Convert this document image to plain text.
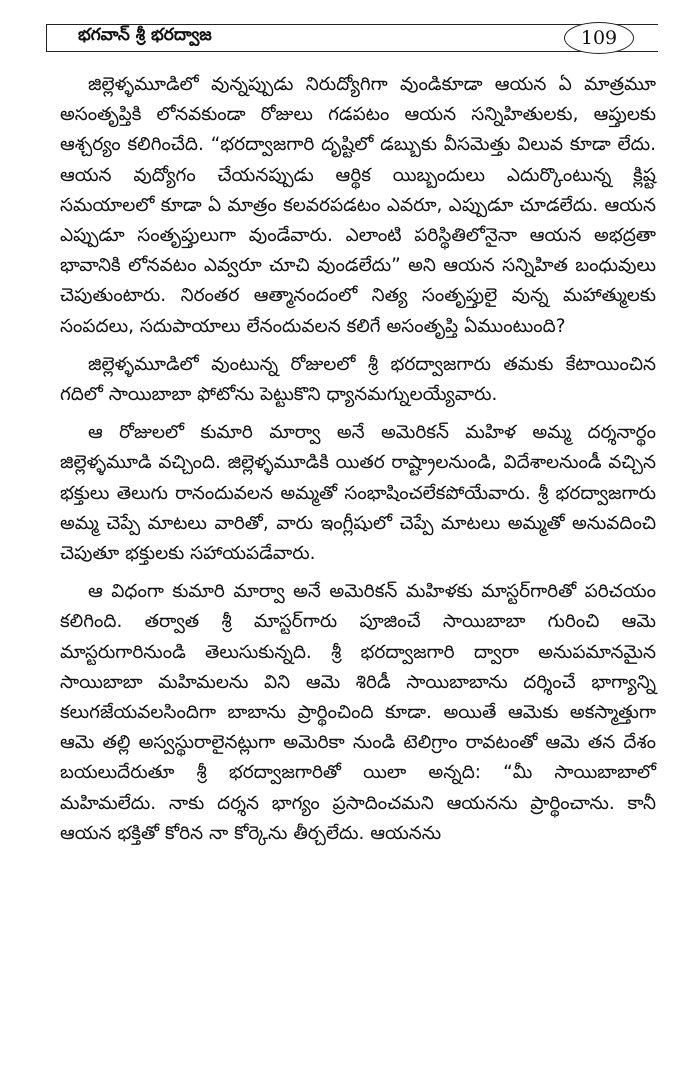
భగవాన్ శ్రీ భరద్వాజ	109

జిల్లెళ్ళమూడిలో వున్నప్పుడు నిరుద్యోగిగా వుండికూడా ఆయన ఏ మాత్రమూ అసంతృప్తికి లోనవకుండా రోజులు గడపటం ఆయన సన్నిహితులకు, ఆప్తులకు ఆశ్చర్యం కలిగించేది. “భరద్వాజగారి దృష్టిలో డబ్బుకు వీసమెత్తు విలువ కూడా లేదు. ఆయన వుద్యోగం చేయనప్పుడు ఆర్థిక యిబ్బందులు ఎదుర్కొంటున్న క్లిష్ట సమయాలలో కూడా ఏ మాత్రం కలవరపడటం ఎవరూ, ఎప్పుడూ చూడలేదు. ఆయన ఎప్పుడూ సంతృప్తులుగా వుండేవారు. ఎలాంటి పరిస్థితిలోనైనా ఆయన అభద్రతా భావానికి లోనవటం ఎవ్వరూ చూచి వుండలేదు” అని ఆయన సన్నిహిత బంధువులు చెపుతుంటారు. నిరంతర ఆత్మానందంలో నిత్య సంతృప్తులై వున్న మహాత్ములకు సంపదలు, సదుపాయాలు లేనందువలన కలిగే అసంతృప్తి ఏముంటుంది?

జిల్లెళ్ళమూడిలో వుంటున్న రోజులలో శ్రీ భరద్వాజగారు తమకు కేటాయించిన గదిలో సాయిబాబా ఫోటోను పెట్టుకొని ధ్యానమగ్నులయ్యేవారు.

ఆ రోజులలో కుమారి మార్వా అనే అమెరికన్ మహిళ అమ్మ దర్శనార్థం జిల్లెళ్ళమూడి వచ్చింది. జిల్లెళ్ళమూడికి యితర రాష్ట్రాలనుండి, విదేశాలనుండీ వచ్చిన భక్తులు తెలుగు రానందువలన అమ్మతో సంభాషించలేకపోయేవారు. శ్రీ భరద్వాజగారు అమ్మ చెప్పే మాటలు వారితో, వారు ఇంగ్లీషులో చెప్పే మాటలు అమ్మతో అనువదించి చెపుతూ భక్తులకు సహాయపడేవారు.

ఆ విధంగా కుమారి మార్వా అనే అమెరికన్ మహిళకు మాస్టర్‌గారితో పరిచయం కలిగింది. తర్వాత శ్రీ మాస్టర్‌గారు పూజించే సాయిబాబా గురించి ఆమె మాస్టరుగారినుండి తెలుసుకున్నది. శ్రీ భరద్వాజగారి ద్వారా అనుపమానమైన సాయిబాబా మహిమలను విని ఆమె శిరిడీ సాయిబాబాను దర్శించే భాగ్యాన్ని కలుగజేయవలసిందిగా బాబాను ప్రార్థించింది కూడా. అయితే ఆమెకు అకస్మాత్తుగా ఆమె తల్లి అస్వస్థురాలైనట్లుగా అమెరికా నుండి టెలిగ్రాం రావటంతో ఆమె తన దేశం బయలుదేరుతూ శ్రీ భరద్వాజగారితో యిలా అన్నది: “మీ సాయిబాబాలో మహిమలేదు. నాకు దర్శన భాగ్యం ప్రసాదించమని ఆయనను ప్రార్థించాను. కానీ ఆయన భక్తితో కోరిన నా కోర్కెను తీర్చలేదు. ఆయనను
